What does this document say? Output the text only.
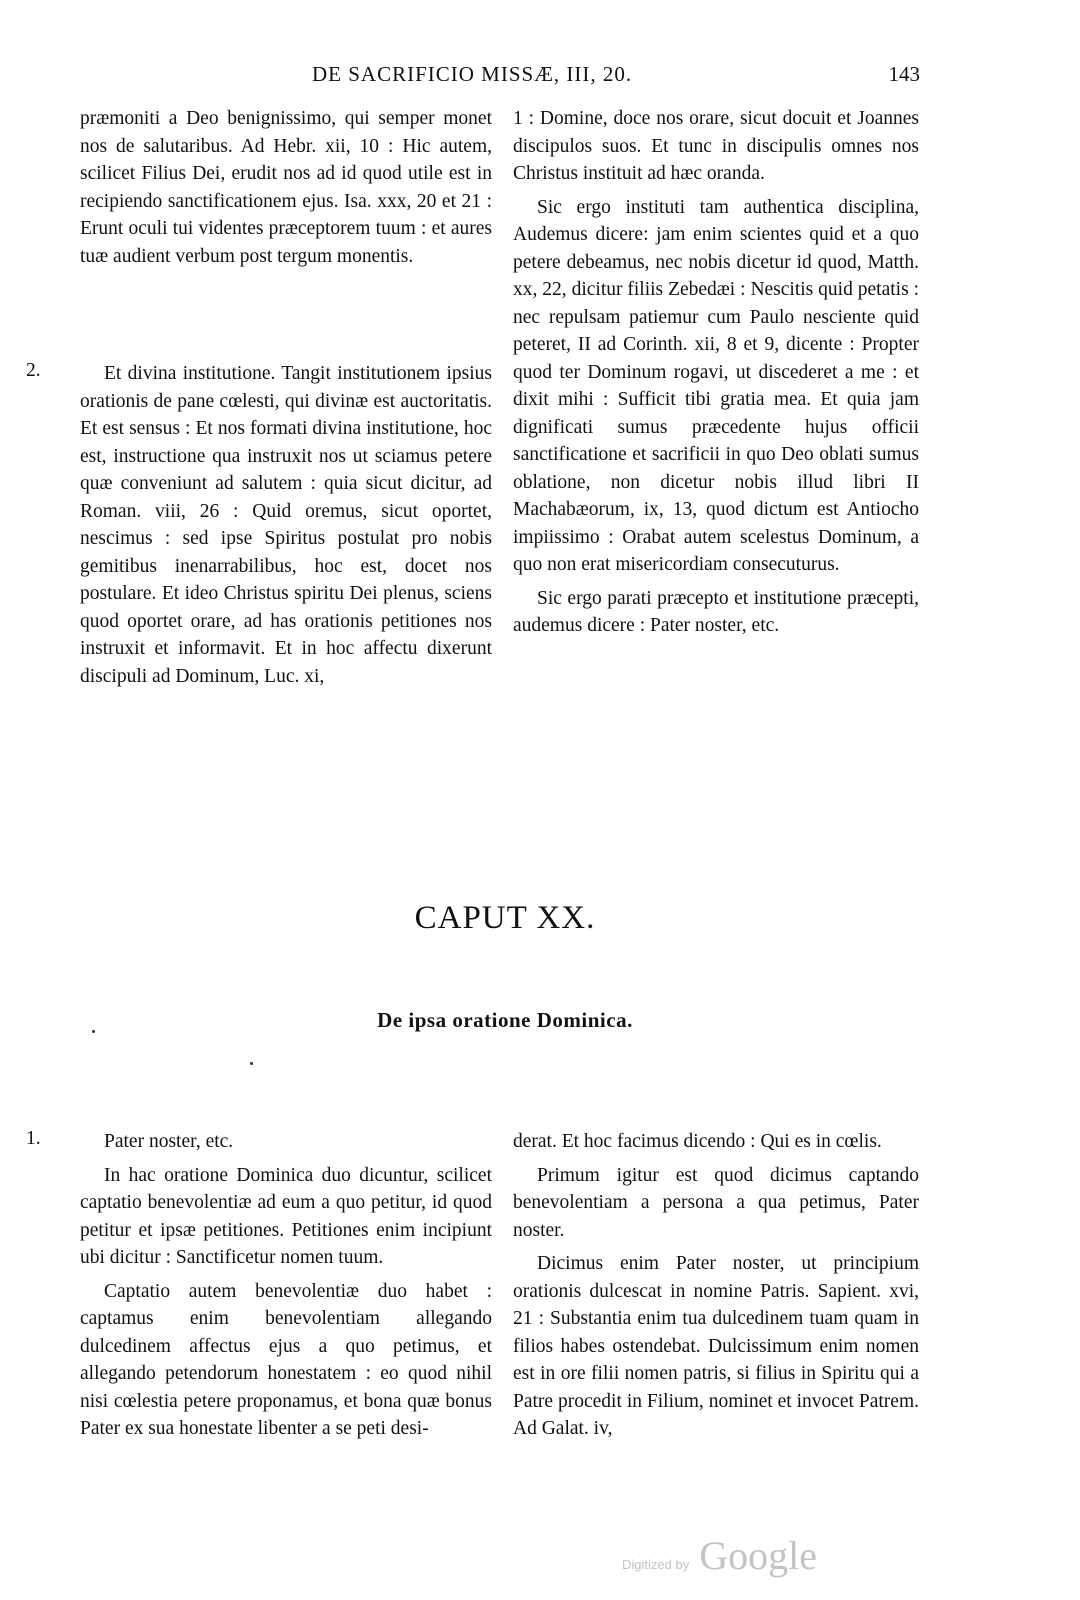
DE SACRIFICIO MISSÆ, III, 20.	143

præmoniti a Deo benignissimo, qui semper monet nos de salutaribus. Ad Hebr. xii, 10 : Hic autem, scilicet Filius Dei, erudit nos ad id quod utile est in recipiendo sanctificationem ejus. Isa. xxx, 20 et 21 : Erunt oculi tui videntes præceptorem tuum : et aures tuæ audient verbum post tergum monentis.

2.	Et divina institutione. Tangit institutionem ipsius orationis de pane cœlesti, qui divinæ est auctoritatis. Et est sensus : Et nos formati divina institutione, hoc est, instructione qua instruxit nos ut sciamus petere quæ conveniunt ad salutem : quia sicut dicitur, ad Roman. viii, 26 : Quid oremus, sicut oportet, nescimus : sed ipse Spiritus postulat pro nobis gemitibus inenarrabilibus, hoc est, docet nos postulare. Et ideo Christus spiritu Dei plenus, sciens quod oportet orare, ad has orationis petitiones nos instruxit et informavit. Et in hoc affectu dixerunt discipuli ad Dominum, Luc. xi,

1 : Domine, doce nos orare, sicut docuit et Joannes discipulos suos. Et tunc in discipulis omnes nos Christus instituit ad hæc oranda.

Sic ergo instituti tam authentica disciplina, Audemus dicere: jam enim scientes quid et a quo petere debeamus, nec nobis dicetur id quod, Matth. xx, 22, dicitur filiis Zebedæi : Nescitis quid petatis : nec repulsam patiemur cum Paulo nesciente quid peteret, II ad Corinth. xii, 8 et 9, dicente : Propter quod ter Dominum rogavi, ut discederet a me : et dixit mihi : Sufficit tibi gratia mea. Et quia jam dignificati sumus præcedente hujus officii sanctificatione et sacrificii in quo Deo oblati sumus oblatione, non dicetur nobis illud libri II Machabæorum, ix, 13, quod dictum est Antiocho impiissimo : Orabat autem scelestus Dominum, a quo non erat misericordiam consecuturus.

Sic ergo parati præcepto et institutione præcepti, audemus dicere : Pater noster, etc.

CAPUT XX.
De ipsa oratione Dominica.
1.	Pater noster, etc.

In hac oratione Dominica duo dicuntur, scilicet captatio benevolentiæ ad eum a quo petitur, id quod petitur et ipsæ petitiones. Petitiones enim incipiunt ubi dicitur : Sanctificetur nomen tuum.

Captatio autem benevolentiæ duo habet : captamus enim benevolentiam allegando dulcedinem affectus ejus a quo petimus, et allegando petendorum honestatem : eo quod nihil nisi cœlestia petere proponamus, et bona quæ bonus Pater ex sua honestate libenter a se peti desi-

derat. Et hoc facimus dicendo : Qui es in cœlis.

Primum igitur est quod dicimus captando benevolentiam a persona a qua petimus, Pater noster.

Dicimus enim Pater noster, ut principium orationis dulcescat in nomine Patris. Sapient. xvi, 21 : Substantia enim tua dulcedinem tuam quam in filios habes ostendebat. Dulcissimum enim nomen est in ore filii nomen patris, si filius in Spiritu qui a Patre procedit in Filium, nominet et invocet Patrem. Ad Galat. iv,

Digitized by Google
